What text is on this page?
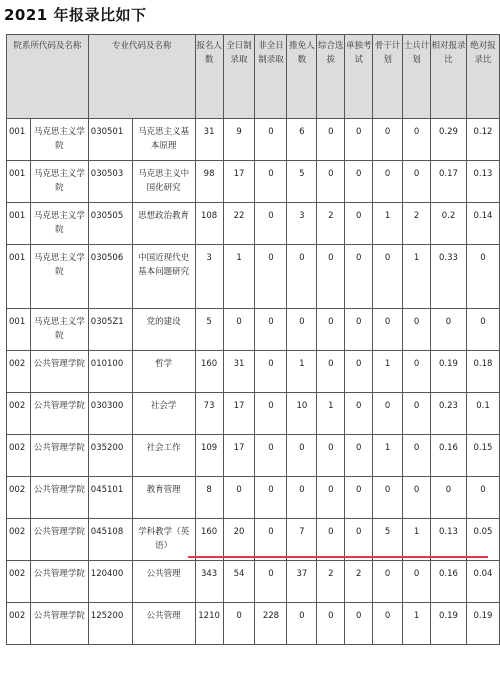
2021 年报录比如下
院系所代码及名称		专业代码及名称		报名人数	全日制录取	非全日制录取	推免人数	综合选拔	单独考试	骨干计划	士兵计划	相对报录比	绝对报录比
001	马克思主义学院	030501	马克思主义基本原理	31	9	0	6	0	0	0	0	0.29	0.12
001	马克思主义学院	030503	马克思主义中国化研究	98	17	0	5	0	0	0	0	0.17	0.13
001	马克思主义学院	030505	思想政治教育	108	22	0	3	2	0	1	2	0.2	0.14
001	马克思主义学院	030506	中国近现代史基本问题研究	3	1	0	0	0	0	0	1	0.33	0
001	马克思主义学院	0305Z1	党的建设	5	0	0	0	0	0	0	0	0	0
002	公共管理学院	010100	哲学	160	31	0	1	0	0	1	0	0.19	0.18
002	公共管理学院	030300	社会学	73	17	0	10	1	0	0	0	0.23	0.1
002	公共管理学院	035200	社会工作	109	17	0	0	0	0	1	0	0.16	0.15
002	公共管理学院	045101	教育管理	8	0	0	0	0	0	0	0	0	0
002	公共管理学院	045108	学科教学（英语）	160	20	0	7	0	0	5	1	0.13	0.05
002	公共管理学院	120400	公共管理	343	54	0	37	2	2	0	0	0.16	0.04
002	公共管理学院	125200	公共管理	1210	0	228	0	0	0	0	1	0.19	0.19
